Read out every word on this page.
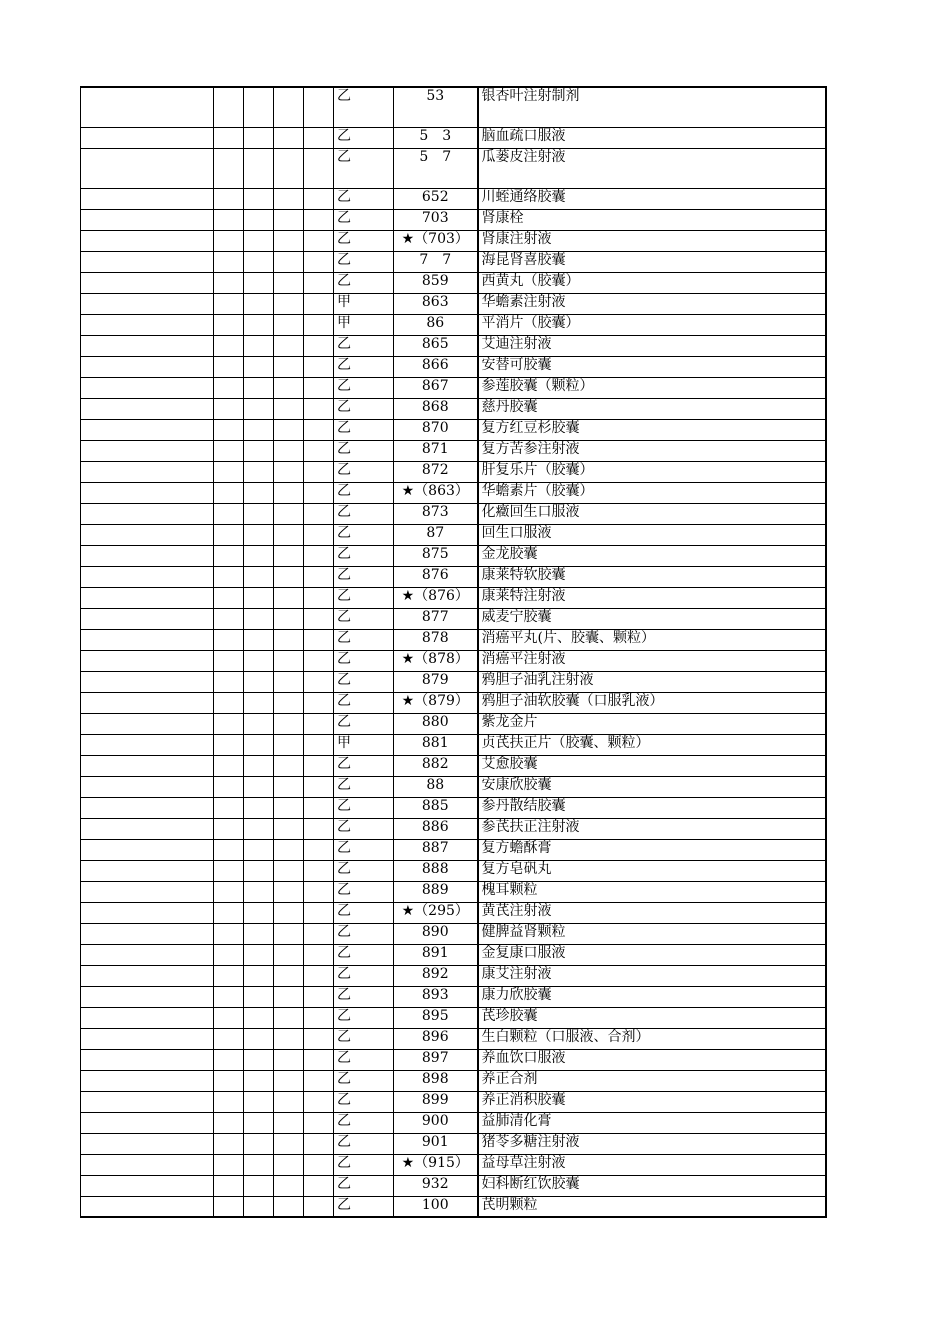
					乙	53	银杏叶注射制剂
					乙	5　3	脑血疏口服液
					乙	5　7	瓜蒌皮注射液
					乙	652	川蛭通络胶囊
					乙	703	肾康栓
					乙	★（703）	肾康注射液
					乙	7　7	海昆肾喜胶囊
					乙	859	西黄丸（胶囊）
					甲	863	华蟾素注射液
					甲	86	平消片（胶囊）
					乙	865	艾迪注射液
					乙	866	安替可胶囊
					乙	867	参莲胶囊（颗粒）
					乙	868	慈丹胶囊
					乙	870	复方红豆杉胶囊
					乙	871	复方苦参注射液
					乙	872	肝复乐片（胶囊）
					乙	★（863）	华蟾素片（胶囊）
					乙	873	化癥回生口服液
					乙	87	回生口服液
					乙	875	金龙胶囊
					乙	876	康莱特软胶囊
					乙	★（876）	康莱特注射液
					乙	877	威麦宁胶囊
					乙	878	消癌平丸(片、胶囊、颗粒）
					乙	★（878）	消癌平注射液
					乙	879	鸦胆子油乳注射液
					乙	★（879）	鸦胆子油软胶囊（口服乳液）
					乙	880	紫龙金片
					甲	881	贞芪扶正片（胶囊、颗粒）
					乙	882	艾愈胶囊
					乙	88	安康欣胶囊
					乙	885	参丹散结胶囊
					乙	886	参芪扶正注射液
					乙	887	复方蟾酥膏
					乙	888	复方皂矾丸
					乙	889	槐耳颗粒
					乙	★（295）	黄芪注射液
					乙	890	健脾益肾颗粒
					乙	891	金复康口服液
					乙	892	康艾注射液
					乙	893	康力欣胶囊
					乙	895	芪珍胶囊
					乙	896	生白颗粒（口服液、合剂）
					乙	897	养血饮口服液
					乙	898	养正合剂
					乙	899	养正消积胶囊
					乙	900	益肺清化膏
					乙	901	猪苓多糖注射液
					乙	★（915）	益母草注射液
					乙	932	妇科断红饮胶囊
					乙	100	芪明颗粒
